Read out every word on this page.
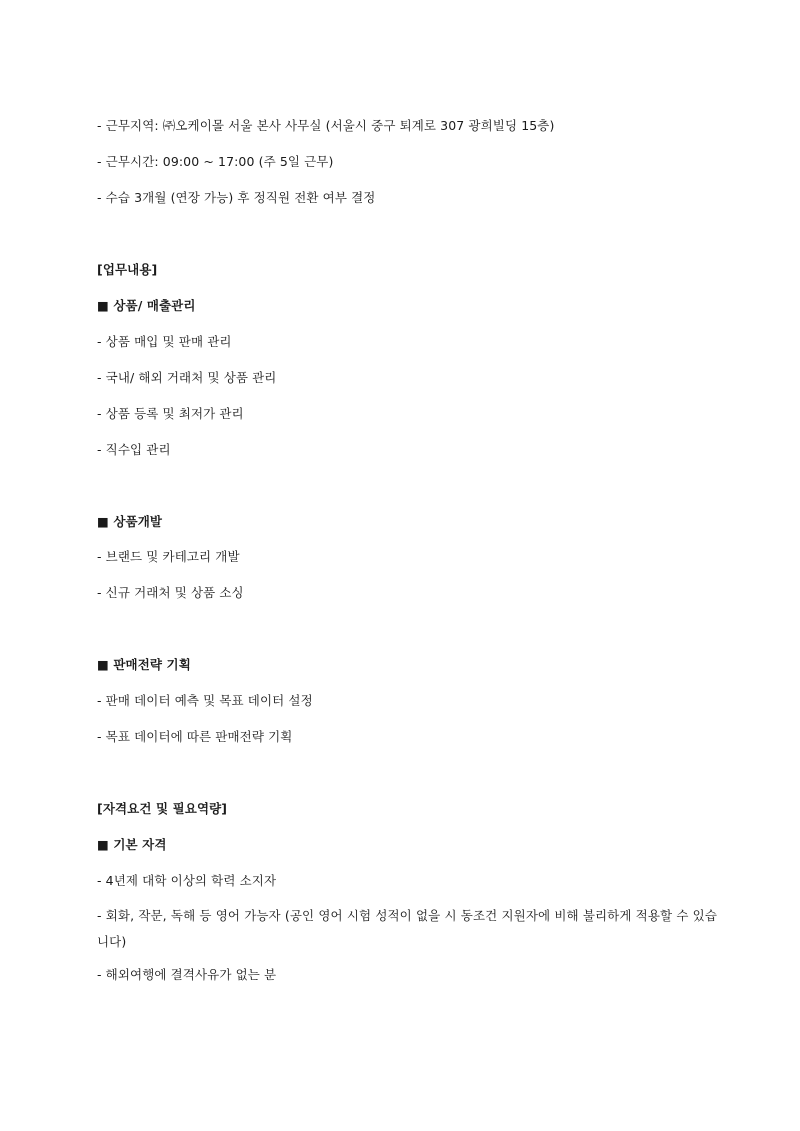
- 근무지역: ㈜오케이몰 서울 본사 사무실 (서울시 중구 퇴계로 307 광희빌딩 15층)
- 근무시간: 09:00 ~ 17:00 (주 5일 근무)
- 수습 3개월 (연장 가능) 후 정직원 전환 여부 결정
[업무내용]
■ 상품/ 매출관리
- 상품 매입 및 판매 관리
- 국내/ 해외 거래처 및 상품 관리
- 상품 등록 및 최저가 관리
- 직수입 관리
■ 상품개발
- 브랜드 및 카테고리 개발
- 신규 거래처 및 상품 소싱
■ 판매전략 기획
- 판매 데이터 예측 및 목표 데이터 설정
- 목표 데이터에 따른 판매전략 기획
[자격요건 및 필요역량]
■ 기본 자격
- 4년제 대학 이상의 학력 소지자
- 회화, 작문, 독해 등 영어 가능자 (공인 영어 시험 성적이 없을 시 동조건 지원자에 비해 불리하게 적용할 수 있습니다)
- 해외여행에 결격사유가 없는 분
